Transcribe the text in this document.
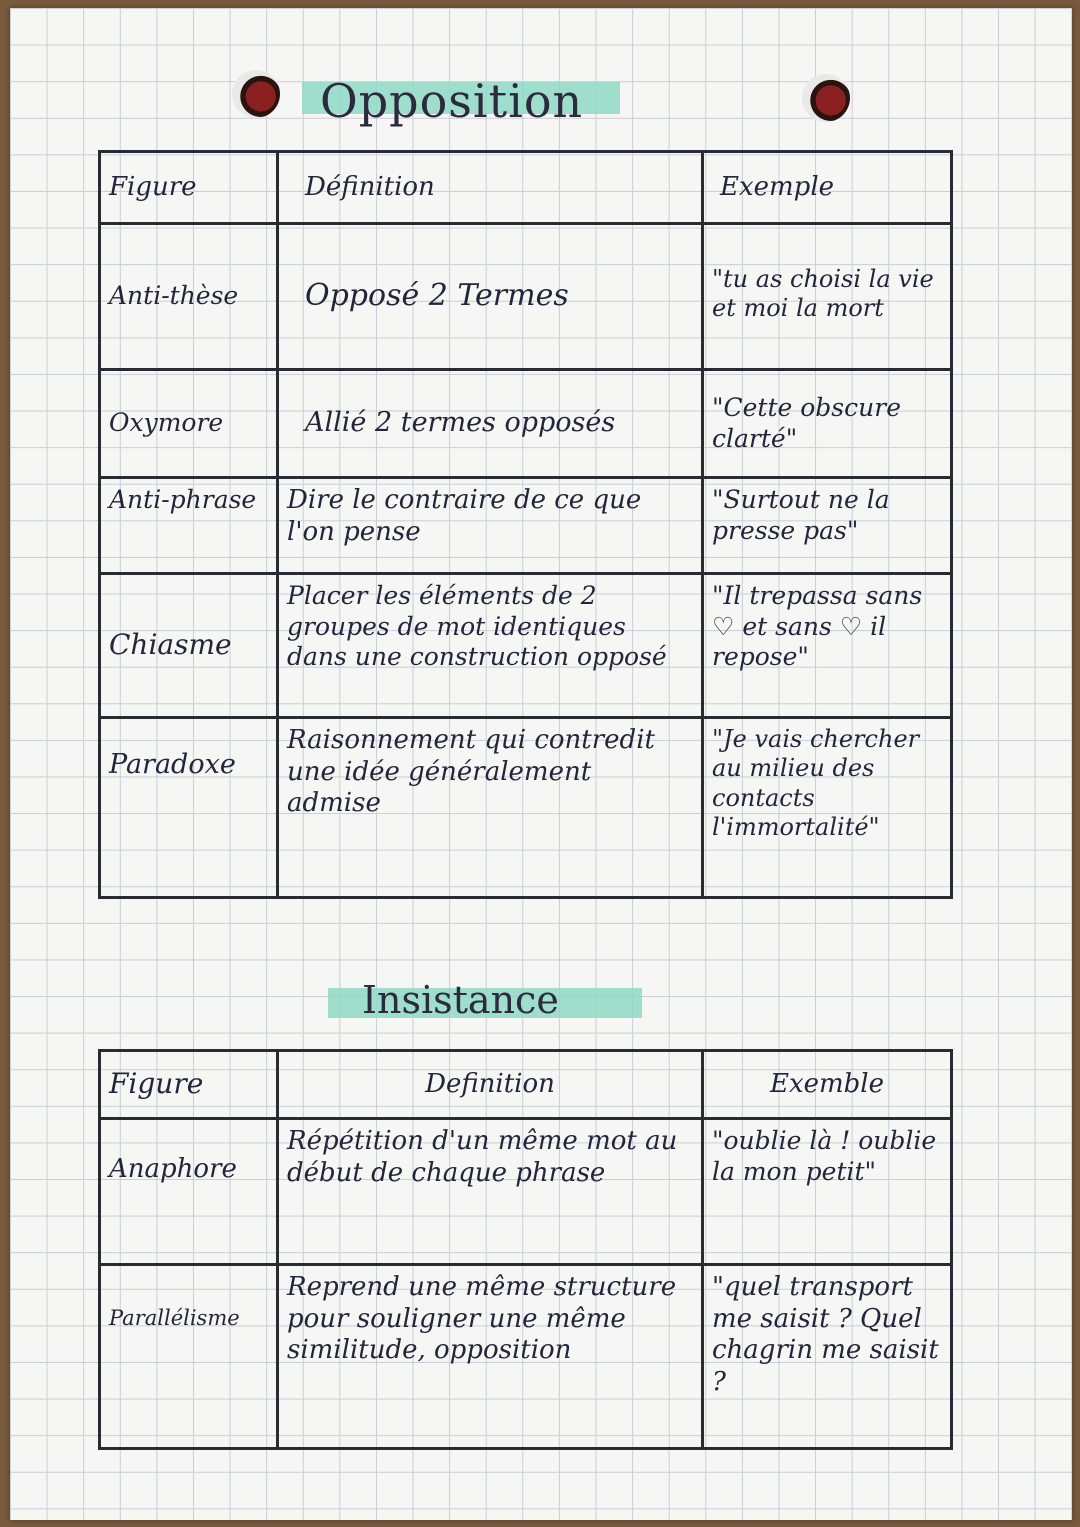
Opposition
Figure	Définition	Exemple
Anti-thèse	Opposé 2 Termes	"tu as choisi la vie et moi la mort
Oxymore	Allié 2 termes opposés	"Cette obscure clarté"
Anti-phrase	Dire le contraire de ce que l'on pense	"Surtout ne la presse pas"
Chiasme	Placer les éléments de 2 groupes de mot identiques dans une construction opposé	"Il trepassa sans ♡ et sans ♡ il repose"
Paradoxe	Raisonnement qui contredit une idée généralement admise	"Je vais chercher au milieu des contacts l'immortalité"
Insistance
Figure	Definition	Exemble
Anaphore	Répétition d'un même mot au début de chaque phrase	"oublie là ! oublie la mon petit"
Parallélisme	Reprend une même structure pour souligner une même similitude, opposition	"quel transport me saisit ? Quel chagrin me saisit ?
